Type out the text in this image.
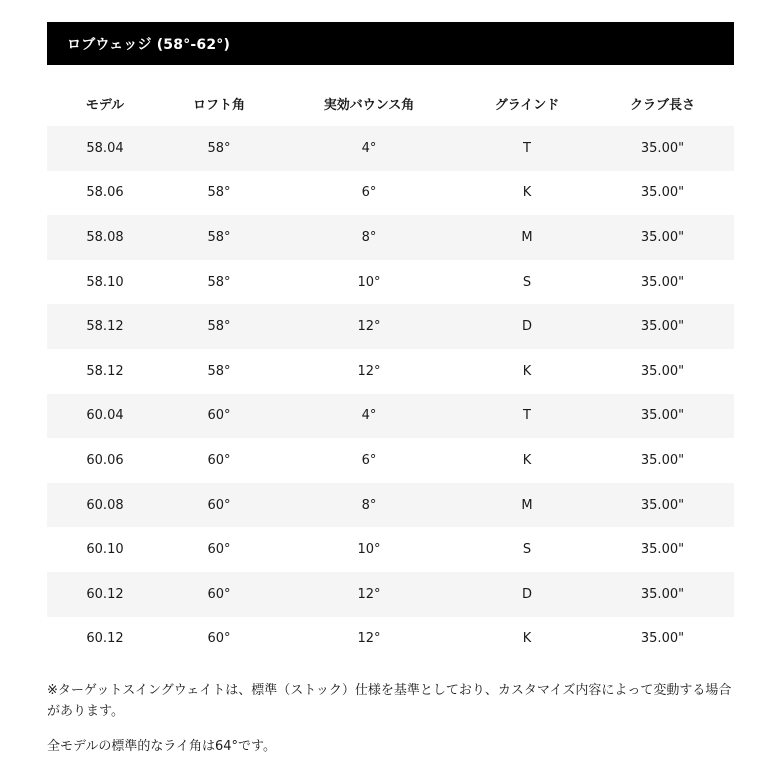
ロブウェッジ (58°-62°)
モデル	ロフト角	実効バウンス角	グラインド	クラブ長さ
58.04	58°	4°	T	35.00"
58.06	58°	6°	K	35.00"
58.08	58°	8°	M	35.00"
58.10	58°	10°	S	35.00"
58.12	58°	12°	D	35.00"
58.12	58°	12°	K	35.00"
60.04	60°	4°	T	35.00"
60.06	60°	6°	K	35.00"
60.08	60°	8°	M	35.00"
60.10	60°	10°	S	35.00"
60.12	60°	12°	D	35.00"
60.12	60°	12°	K	35.00"
※ターゲットスイングウェイトは、標準（ストック）仕様を基準としており、カスタマイズ内容によって変動する場合があります。
全モデルの標準的なライ角は64°です。
